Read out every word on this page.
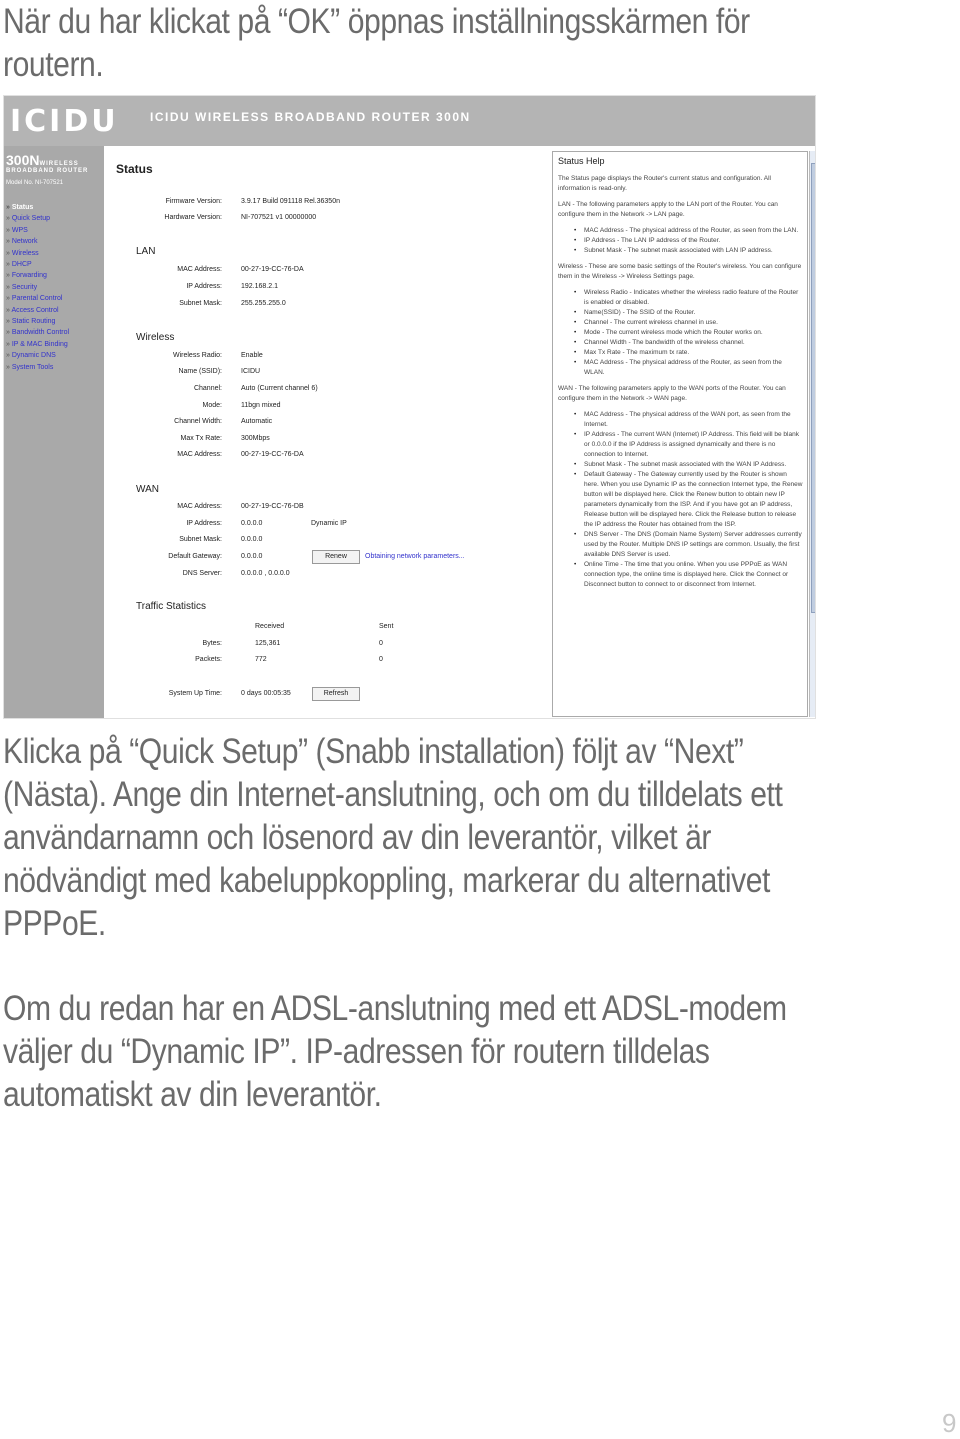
När du har klickat på “OK” öppnas inställningsskärmen för routern.
ICIDU	ICIDU WIRELESS BROADBAND ROUTER 300N
300NWIRELESS
BROADBAND ROUTER
Model No. NI-707521
» Status
» Quick Setup
» WPS
» Network
» Wireless
» DHCP
» Forwarding
» Security
» Parental Control
» Access Control
» Static Routing
» Bandwidth Control
» IP & MAC Binding
» Dynamic DNS
» System Tools
Status
Firmware Version:	3.9.17 Build 091118 Rel.36350n
Hardware Version:	NI-707521 v1 00000000
LAN
MAC Address:	00-27-19-CC-76-DA
IP Address:	192.168.2.1
Subnet Mask:	255.255.255.0
Wireless
Wireless Radio:	Enable
Name (SSID):	ICIDU
Channel:	Auto (Current channel 6)
Mode:	11bgn mixed
Channel Width:	Automatic
Max Tx Rate:	300Mbps
MAC Address:	00-27-19-CC-76-DA
WAN
MAC Address:	00-27-19-CC-76-DB
IP Address:	0.0.0.0	Dynamic IP
Subnet Mask:	0.0.0.0
Default Gateway:	0.0.0.0	Renew	Obtaining network parameters...
DNS Server:	0.0.0.0 , 0.0.0.0
Traffic Statistics
Received	Sent
Bytes:	125,361	0
Packets:	772	0
System Up Time:	0 days 00:05:35	Refresh
Status Help

The Status page displays the Router's current status and configuration. All information is read-only.

LAN - The following parameters apply to the LAN port of the Router. You can configure them in the Network -> LAN page.

• MAC Address - The physical address of the Router, as seen from the LAN.
• IP Address - The LAN IP address of the Router.
• Subnet Mask - The subnet mask associated with LAN IP address.

Wireless - These are some basic settings of the Router's wireless. You can configure them in the Wireless -> Wireless Settings page.

• Wireless Radio - Indicates whether the wireless radio feature of the Router is enabled or disabled.
• Name(SSID) - The SSID of the Router.
• Channel - The current wireless channel in use.
• Mode - The current wireless mode which the Router works on.
• Channel Width - The bandwidth of the wireless channel.
• Max Tx Rate - The maximum tx rate.
• MAC Address - The physical address of the Router, as seen from the WLAN.

WAN - The following parameters apply to the WAN ports of the Router. You can configure them in the Network -> WAN page.

• MAC Address - The physical address of the WAN port, as seen from the Internet.
• IP Address - The current WAN (Internet) IP Address. This field will be blank or 0.0.0.0 if the IP Address is assigned dynamically and there is no connection to Internet.
• Subnet Mask - The subnet mask associated with the WAN IP Address.
• Default Gateway - The Gateway currently used by the Router is shown here. When you use Dynamic IP as the connection Internet type, the Renew button will be displayed here. Click the Renew button to obtain new IP parameters dynamically from the ISP. And if you have got an IP address, Release button will be displayed here. Click the Release button to release the IP address the Router has obtained from the ISP.
• DNS Server - The DNS (Domain Name System) Server addresses currently used by the Router. Multiple DNS IP settings are common. Usually, the first available DNS Server is used.
• Online Time - The time that you online. When you use PPPoE as WAN connection type, the online time is displayed here. Click the Connect or Disconnect button to connect to or disconnect from Internet.
Klicka på “Quick Setup” (Snabb installation) följt av “Next” (Nästa). Ange din Internet-anslutning, och om du tilldelats ett användarnamn och lösenord av din leverantör, vilket är nödvändigt med kabeluppkoppling, markerar du alternativet PPPoE.
Om du redan har en ADSL-anslutning med ett ADSL-modem väljer du “Dynamic IP”. IP-adressen för routern tilldelas automatiskt av din leverantör.
9
